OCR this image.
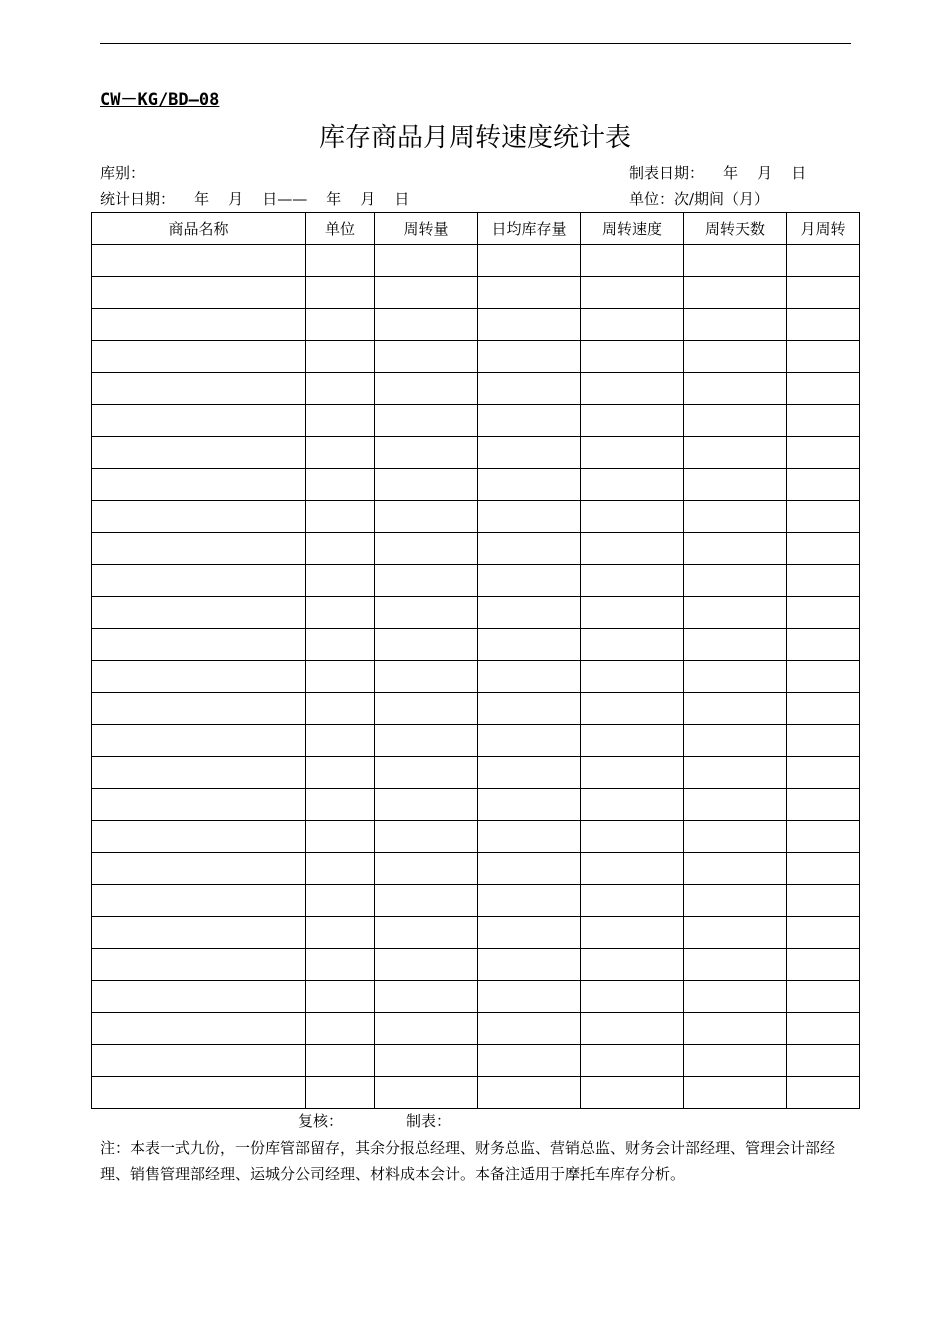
CW－KG/BD—08
库存商品月周转速度统计表
库别：	制表日期：    年    月    日
统计日期：    年    月    日——    年    月    日	单位：次/期间（月）
商品名称	单位	周转量	日均库存量	周转速度	周转天数	月周转

复核：	制表：
注：本表一式九份，一份库管部留存，其余分报总经理、财务总监、营销总监、财务会计部经理、管理会计部经理、销售管理部经理、运城分公司经理、材料成本会计。本备注适用于摩托车库存分析。
